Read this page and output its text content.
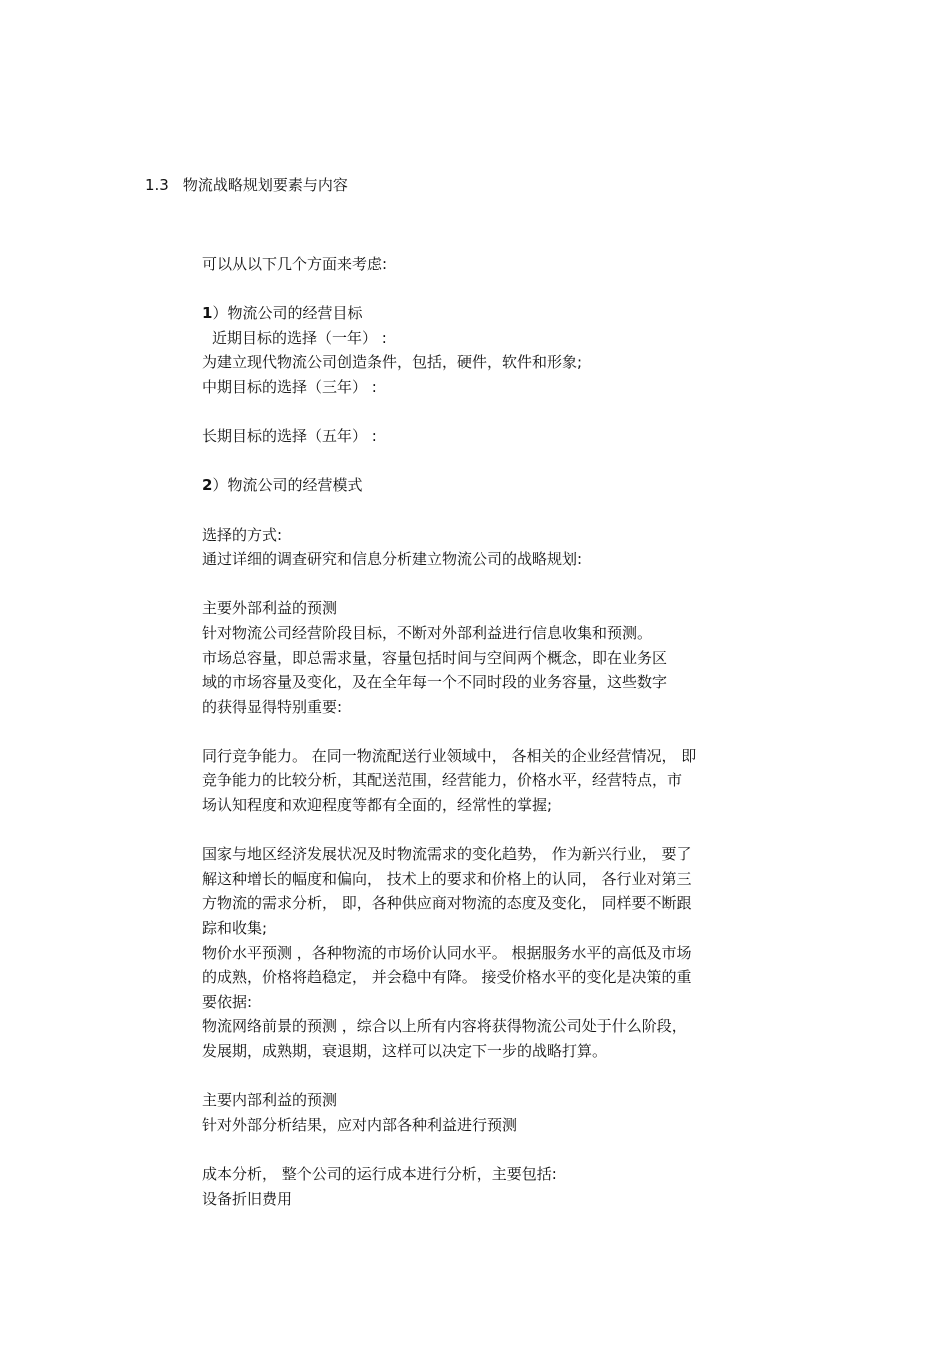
1.3 物流战略规划要素与内容
可以从以下几个方面来考虑:
1）物流公司的经营目标
近期目标的选择（一年） :
为建立现代物流公司创造条件，包括，硬件，软件和形象;
中期目标的选择（三年） :
长期目标的选择（五年） :
2）物流公司的经营模式
选择的方式:
通过详细的调查研究和信息分析建立物流公司的战略规划:
主要外部利益的预测
针对物流公司经营阶段目标，不断对外部利益进行信息收集和预测。
市场总容量，即总需求量，容量包括时间与空间两个概念，即在业务区
域的市场容量及变化，及在全年每一个不同时段的业务容量，这些数字
的获得显得特别重要:
同行竞争能力。 在同一物流配送行业领域中， 各相关的企业经营情况， 即
竞争能力的比较分析，其配送范围，经营能力，价格水平，经营特点，市
场认知程度和欢迎程度等都有全面的，经常性的掌握;
国家与地区经济发展状况及时物流需求的变化趋势， 作为新兴行业， 要了
解这种增长的幅度和偏向， 技术上的要求和价格上的认同， 各行业对第三
方物流的需求分析， 即，各种供应商对物流的态度及变化， 同样要不断跟
踪和收集;
物价水平预测 ，各种物流的市场价认同水平。 根据服务水平的高低及市场
的成熟，价格将趋稳定， 并会稳中有降。 接受价格水平的变化是决策的重
要依据:
物流网络前景的预测 ，综合以上所有内容将获得物流公司处于什么阶段，
发展期，成熟期，衰退期，这样可以决定下一步的战略打算。
主要内部利益的预测
针对外部分析结果，应对内部各种利益进行预测
成本分析， 整个公司的运行成本进行分析，主要包括:
设备折旧费用
